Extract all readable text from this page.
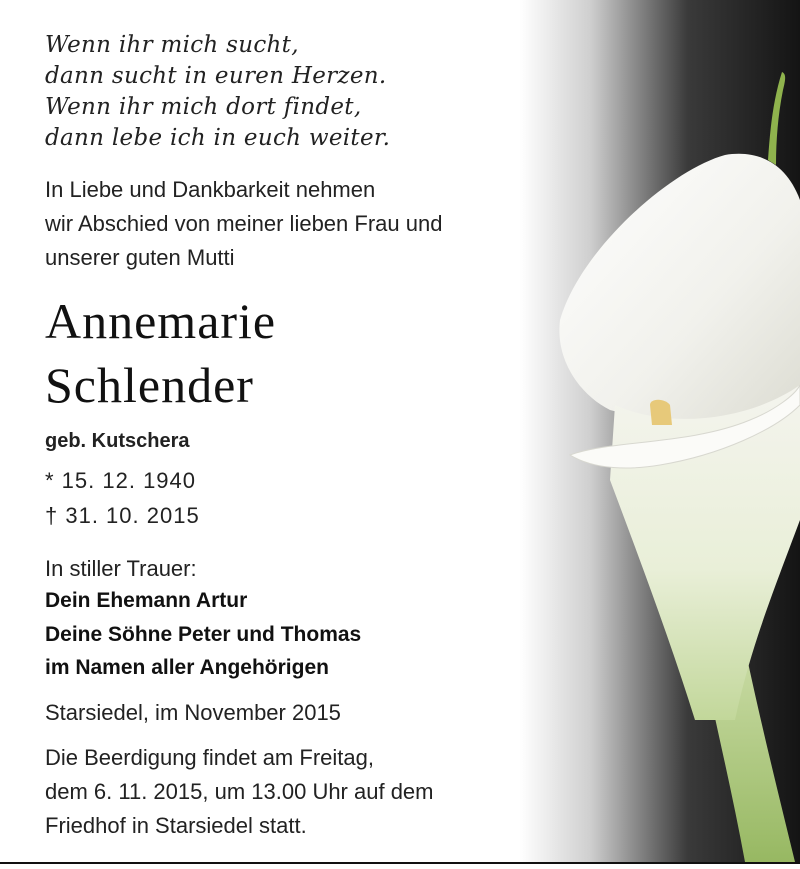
Wenn ihr mich sucht,
dann sucht in euren Herzen.
Wenn ihr mich dort findet,
dann lebe ich in euch weiter.
In Liebe und Dankbarkeit nehmen
wir Abschied von meiner lieben Frau und
unserer guten Mutti
Annemarie
Schlender
geb. Kutschera
* 15. 12. 1940
† 31. 10. 2015
In stiller Trauer:
Dein Ehemann Artur
Deine Söhne Peter und Thomas
im Namen aller Angehörigen
Starsiedel, im November 2015
Die Beerdigung findet am Freitag,
dem 6. 11. 2015, um 13.00 Uhr auf dem
Friedhof in Starsiedel statt.
